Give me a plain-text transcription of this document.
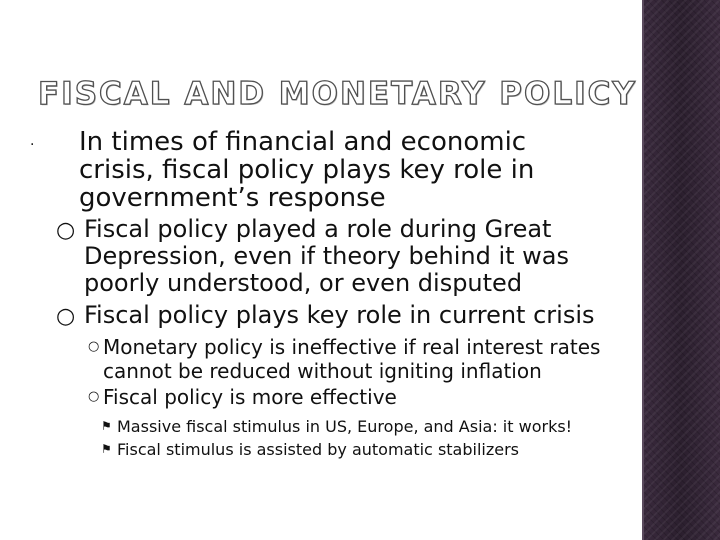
FISCAL AND MONETARY POLICY

· In times of financial and economic crisis, fiscal policy plays key role in government’s response

○ Fiscal policy played a role during Great Depression, even if theory behind it was poorly understood, or even disputed

○ Fiscal policy plays key role in current crisis

○ Monetary policy is ineffective if real interest rates cannot be reduced without igniting inflation

○ Fiscal policy is more effective

⚑ Massive fiscal stimulus in US, Europe, and Asia: it works!

⚑ Fiscal stimulus is assisted by automatic stabilizers
